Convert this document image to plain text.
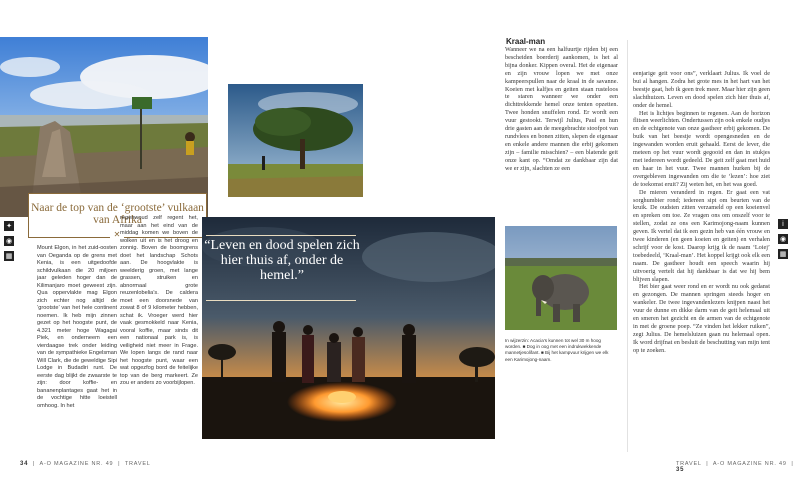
✦
◉
▦
Naar de top van de ‘grootste’ vulkaan van Afrika
✕

Mount Elgon, in het zuid-oosten van Oeganda op de grens met Kenia, is een uitgedoofde schildvulkaan die 20 miljoen jaar geleden hoger dan de Kilimanjaro moet geweest zijn. Qua oppervlakte mag Elgon zich echter nog altijd de ‘grootste’ van het hele continent noemen. Ik heb mijn zinnen gezet op het hoogste punt, de 4.321 meter hoge Wagagai Piek, en onderneem een vierdaagse trek onder leiding van de sympathieke Engelsman Will Clark, die de geweldige Sipi Lodge in Budadiri runt. De eerste dag blijkt de zwaarste te zijn: door koffie- en bananenplantages gaat het in de vochtige hitte loeistell omhoog. In het

regenwoud zelf regent het, maar aan het eind van de middag komen we boven de wolken uit en is het droog en zonnig. Boven de boomgrens doet het landschap Schots aan. De hoogvlakte is weelderig groen, met lange grassen, struiken en abnormaal grote reuzenlobelia’s. De caldera moet een doorsnede van zowat 8 of 9 kilometer hebben, schat ik. Vroeger werd hier vaak gesmokkeld naar Kenia, vooral koffie, maar sinds dit een nationaal park is, is veiligheid niet meer in Frage. We lopen langs de rand naar het hoogste punt, waar een wat opgezfog bord de feitelijke top van de berg markeert. Ze zou er anders zo voorbijlopen.

“Leven en dood spelen zich hier thuis af, onder de hemel.”
34  |  A-O MAGAZINE NR. 49  |  TRAVEL
Kraal-man

Wanneer we na een halfuurtje rijden bij een bescheiden boerderij aankomen, is het al bijna donker. Kippen overal. Het de eigenaar en zijn vrouw lopen we met onze kampeerspullen naar de kraal in de savanne. Koeien met kalfjes en geiten staan rusteloos te staren wanneer we onder een dichttrekkende hemel onze tenten opzetten. Twee honden snuffelen rond. Er wordt een vuur gestookt. Terwijl Julius, Paul en hun drie gasten aan de meegebrachte stoofpot van rundvlees en bonen zitten, slepen de eigenaar en enkele andere mannen die erbij gekomen zijn – familie misschien? – een blatende geit onze kant op. “Omdat ze dankbaar zijn dat we er zijn, slachten ze een

In wijzerzin: Acacia’s kunnen tot wel 30 m hoog worden. ■ Dog in oog met een indrukwekkende mannetjesolifant. ■ Bij het kampvuur krijgen we elk een Karimojong-naam.

eenjarige geit voor ons”, verklaart Julius. Ik voel de bui al hangen. Zodra het grote mes in het hart van het beestje gaat, heb ik geen trek meer. Maar hier zijn geen slachthuizen. Leven en dood spelen zich hier thuis af, onder de hemel.

Het is lichtjes beginnen te regenen. Aan de horizon flitsen weerlichten. Ondertussen zijn ook enkele oudjes en de echtgenote van onze gastheer erbij gekomen. De buik van het beestje wordt opengesneden en de ingewanden worden eruit gehaald. Eerst de lever, die meteen op het vuur wordt gegooid en dan in stukjes met iedereen wordt gedeeld. De geit zelf gaat met huid en haar in het vuur. Twee mannen hurken bij de overgebleven ingewanden om die te ‘lezen’: hoe ziet de toekomst eruit? Zij weten het, en het was goed.

De mieren veranderd in regen. Er gaat een vat sorghumbier rond; iedereen sipt om beurten van de kruik. De oudsten zitten verzameld op een koeienvel en spreken om toe. Ze vragen ons om onszelf voor te stellen, zodat ze ons een Karimojong-naam kunnen geven. Ik vertel dat ik een gezin heb van één vrouw en twee kinderen (en geen koeien en geiten) en verhalen schrijf voor de kost. Daarop krijg ik de naam ‘Loiej’ toebedeeld, ‘Kraal-man’. Het koppel krijgt ook elk een naam. De gastheer houdt een speech waarin hij uitvoerig vertelt dat hij dankbaar is dat we hij bem blijven slapen.

Het bier gaat weer rond en er wordt nu ook gedanst en gezongen. De mannen springen steeds hoger en wankeler. De twee ingevandenlezers knijpen naast het vuur de dunne en dikke darm van de geit helemaal uit en smeren het gezicht en de armen van de echtgenote in met de groene poep. “Ze vinden het lekker ruiken”, zegt Julius. De hemelsluizen gaan nu helemaal open. Ik word drijfnat en besluit de beschutting van mijn tent op te zoeken.

i
◉
▦
TRAVEL  |  A-O MAGAZINE NR. 49  |  35
